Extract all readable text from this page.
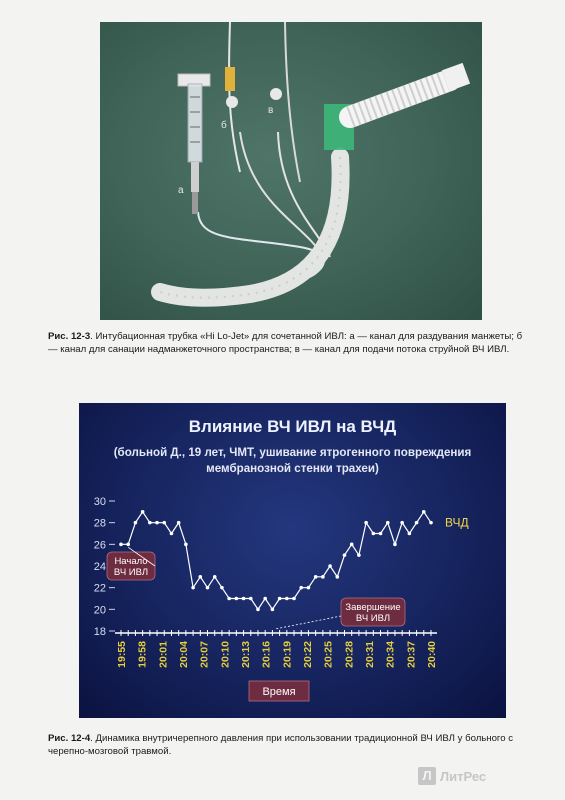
а
б
в
Рис. 12-3. Интубационная трубка «Hi Lo-Jet» для сочетанной ИВЛ: а — канал для раздувания манжеты; б — канал для санации надманжеточного пространства; в — канал для подачи потока струйной ВЧ ИВЛ.
Влияние ВЧ ИВЛ на ВЧД
(больной Д., 19 лет, ЧМТ, ушивание ятрогенного повреждения
мембранозной стенки трахеи)
18
20
22
24
26
28
30
19:55 19:58 20:01 20:04 20:07 20:10 20:13 20:16 20:19 20:22 20:25 20:28 20:31 20:34 20:37 20:40
ВЧД
Начало ВЧ ИВЛ
Завершение ВЧ ИВЛ
Время
Рис. 12-4. Динамика внутричерепного давления при использовании традиционной ВЧ ИВЛ у больного с черепно-мозговой травмой.
Л ЛитРес
